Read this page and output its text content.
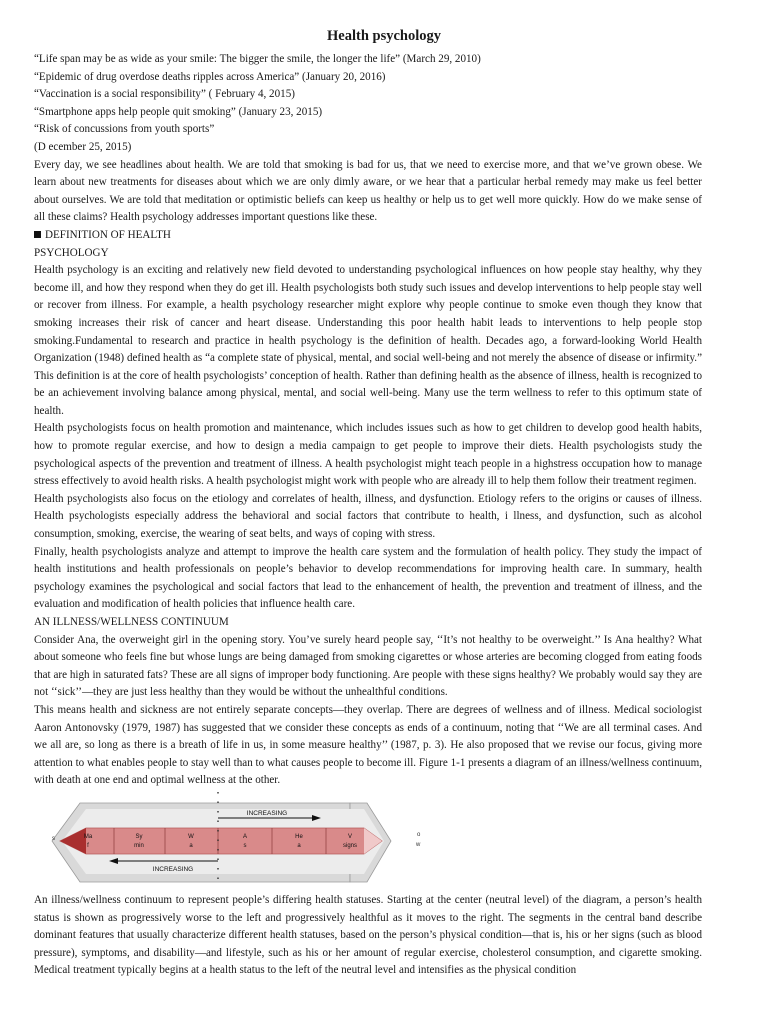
Health psychology

“Life span may be as wide as your smile: The bigger the smile, the longer the life” (March 29, 2010)

“Epidemic of drug overdose deaths ripples across America” (January 20, 2016)

“Vaccination is a social responsibility” ( February 4, 2015)

“Smartphone apps help people quit smoking” (January 23, 2015)

“Risk of concussions from youth sports”

(D ecember 25, 2015)

Every day, we see headlines about health. We are told that smoking is bad for us, that we need to exercise more, and that we’ve grown obese. We learn about new treatments for diseases about which we are only dimly aware, or we hear that a particular herbal remedy may make us feel better about ourselves. We are told that meditation or optimistic beliefs can keep us healthy or help us to get well more quickly. How do we make sense of all these claims? Health psychology addresses important questions like these.

DEFINITION OF HEALTH

PSYCHOLOGY

Health psychology is an exciting and relatively new field devoted to understanding psychological influences on how people stay healthy, why they become ill, and how they respond when they do get ill. Health psychologists both study such issues and develop interventions to help people stay well or recover from illness. For example, a health psychology researcher might explore why people continue to smoke even though they know that smoking increases their risk of cancer and heart disease. Understanding this poor health habit leads to interventions to help people stop smoking.Fundamental to research and practice in health psychology is the definition of health. Decades ago, a forward-looking World Health Organization (1948) defined health as “a complete state of physical, mental, and social well-being and not merely the absence of disease or infirmity.” This definition is at the core of health psychologists’ conception of health. Rather than defining health as the absence of illness, health is recognized to be an achievement involving balance among physical, mental, and social well-being. Many use the term wellness to refer to this optimum state of health.

Health psychologists focus on health promotion and maintenance, which includes issues such as how to get children to develop good health habits, how to promote regular exercise, and how to design a media campaign to get people to improve their diets. Health psychologists study the psychological aspects of the prevention and treatment of illness. A health psychologist might teach people in a highstress occupation how to manage stress effectively to avoid health risks. A health psychologist might work with people who are already ill to help them follow their treatment regimen.

Health psychologists also focus on the etiology and correlates of health, illness, and dysfunction. Etiology refers to the origins or causes of illness. Health psychologists especially address the behavioral and social factors that contribute to health, i llness, and dysfunction, such as alcohol consumption, smoking, exercise, the wearing of seat belts, and ways of coping with stress.

Finally, health psychologists analyze and attempt to improve the health care system and the formulation of health policy. They study the impact of health institutions and health professionals on people’s behavior to develop recommendations for improving health care. In summary, health psychology examines the psychological and social factors that lead to the enhancement of health, the prevention and treatment of illness, and the evaluation and modification of health policies that influence health care.

AN ILLNESS/WELLNESS CONTINUUM

Consider Ana, the overweight girl in the opening story. You’ve surely heard people say, ‘‘It’s not healthy to be overweight.’’ Is Ana healthy? What about someone who feels fine but whose lungs are being damaged from smoking cigarettes or whose arteries are becoming clogged from eating foods that are high in saturated fats? These are all signs of improper body functioning. Are people with these signs healthy? We probably would say they are not ‘‘sick’’—they are just less healthy than they would be without the unhealthful conditions.

This means health and sickness are not entirely separate concepts—they overlap. There are degrees of wellness and of illness. Medical sociologist Aaron Antonovsky (1979, 1987) has suggested that we consider these concepts as ends of a continuum, noting that ‘‘We are all terminal cases. And we all are, so long as there is a breath of life in us, in some measure healthy’’ (1987, p. 3). He also proposed that we revise our focus, giving more attention to what enables people to stay well than to what causes people to become ill. Figure 1-1 presents a diagram of an illness/wellness continuum, with death at one end and optimal wellness at the other.

INCREASING
INCREASING
s
o
w
Ma
f
Sy
min
W
a
A
s
He
a
V
signs

An illness/wellness continuum to represent people’s differing health statuses. Starting at the center (neutral level) of the diagram, a person’s health status is shown as progressively worse to the left and progressively healthful as it moves to the right. The segments in the central band describe dominant features that usually characterize different health statuses, based on the person’s physical condition—that is, his or her signs (such as blood pressure), symptoms, and disability—and lifestyle, such as his or her amount of regular exercise, cholesterol consumption, and cigarette smoking. Medical treatment typically begins at a health status to the left of the neutral level and intensifies as the physical condition
